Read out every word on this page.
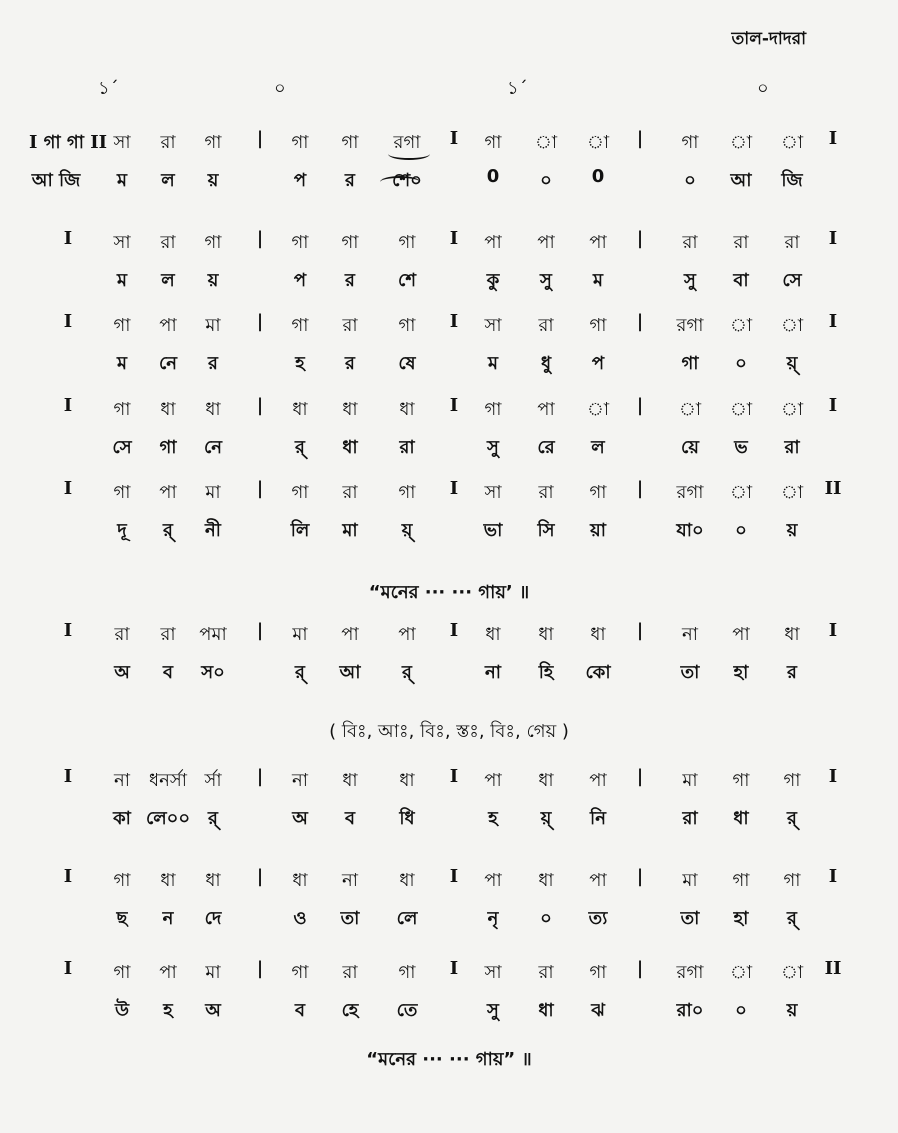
তাল-দাদরা
১´	০	১´	০
I গা গা II সা রা গা | গা গা রগা I গা া া | গা া া I
আ জি ম ল য়	প র শে০	0 ০ 0	০ আ জি
I সা রা গা | গা গা গা I পা পা পা | রা রা রা I
ম ল য়	প র শে	কু সু ম	সু বা সে
I গা পা মা | গা রা গা I সা রা গা | রগা া া I
ম নে র	হ র ষে	ম ধু প	গা ০ য়্
I গা ধা ধা | ধা ধা ধা I গা পা া | া া া I
সে গা নে	র্ ধা রা	সু রে ল	য়ে ভ রা
I গা পা মা | গা রা গা I সা রা গা | রগা া া II
দূ র্ নী	লি মা য়্	ভা সি য়া	যা০ ০ য়
I রা রা পমা | মা পা পা I ধা ধা ধা | না পা ধা I
অ ব স০	র্ আ র্	না হি কো	তা হা র
I না ধনর্সা র্সা | না ধা ধা I পা ধা পা | মা গা গা I
কা লে০০ র্	অ ব ধি	হ য়্ নি	রা ধা র্
I গা ধা ধা | ধা না ধা I পা ধা পা | মা গা গা I
ছ ন দে	ও তা লে	নৃ ০ ত্য	তা হা র্
I গা পা মা | গা রা গা I সা রা গা | রগা া া II
উ হ অ	ব হে তে	সু ধা ঝ	রা০ ০ য়
“মনের ··· ··· গায়’ ॥
( বিঃ, আঃ, বিঃ, স্তঃ, বিঃ, গেয় )
“মনের ··· ··· গায়” ॥
